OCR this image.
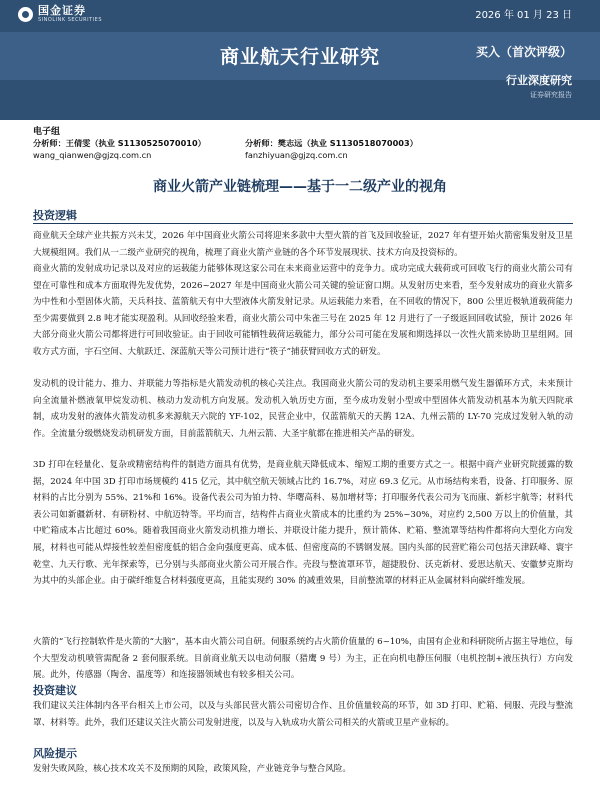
国金证券
SINOLINK SECURITIES	2026 年 01 月 23 日
商业航天行业研究	买入（首次评级）
行业深度研究
证券研究报告
电子组
分析师：王倩雯（执业 S1130525070010）
wang_qianwen@gjzq.com.cn
分析师：樊志远（执业 S1130518070003）
fanzhiyuan@gjzq.com.cn
商业火箭产业链梳理——基于一二级产业的视角
投资逻辑

商业航天全球产业共振方兴未艾，2026 年中国商业火箭公司将迎来多款中大型火箭的首飞及回收验证，2027 年有望开始火箭密集发射及卫星大规模组网。我们从一二级产业研究的视角，梳理了商业火箭产业链的各个环节发展现状、技术方向及投资标的。

商业火箭的发射成功记录以及对应的运载能力能够体现这家公司在未来商业运营中的竞争力。成功完成大载荷或可回收飞行的商业火箭公司有望在可靠性和成本方面取得先发优势，2026~2027 年是中国商业火箭公司关键的验证窗口期。从发射历史来看，至今发射成功的商业火箭多为中性和小型固体火箭，天兵科技、蓝箭航天有中大型液体火箭发射记录。从运载能力来看，在不回收的情况下，800 公里近极轨道载荷能力至少需要做到 2.8 吨才能实现盈利。从回收经验来看，商业火箭公司中朱雀三号在 2025 年 12 月进行了一子级返回回收试验，预计 2026 年大部分商业火箭公司都将进行可回收验证。由于回收可能牺牲载荷运载能力，部分公司可能在发展和期选择以一次性火箭来协助卫星组网。回收方式方面，宇石空间、大航跃迁、深蓝航天等公司预计进行“筷子”捕获臂回收方式的研发。

发动机的设计能力、推力、并联能力等指标是火箭发动机的核心关注点。我国商业火箭公司的发动机主要采用燃气发生器循环方式，未来预计向全流量补燃液氧甲烷发动机、核动力发动机方向发展。发动机入轨历史方面，至今成功发射小型或中型固体火箭发动机基本为航天四院承制，成功发射的液体火箭发动机多来源航天六院的 YF-102，民营企业中，仅蓝箭航天的天鹊 12A、九州云箭的 LY-70 完成过发射入轨的动作。全流量分级燃烧发动机研发方面，目前蓝箭航天、九州云箭、大圣宇航都在推进相关产品的研发。

3D 打印在轻量化、复杂或精密结构件的制造方面具有优势，是商业航天降低成本、缩短工期的重要方式之一。根据中商产业研究院援露的数据，2024 年中国 3D 打印市场规模约 415 亿元，其中航空航天领域占比约 16.7%，对应 69.3 亿元。从市场结构来看，设备、打印服务、原材料的占比分别为 55%、21%和 16%。设备代表公司为铂力特、华曙高科、易加增材等；打印服务代表公司为飞而康、新杉宇航等；材料代表公司如新疆新材、有研粉材、中航迈特等。平均而言，结构件占商业火箭成本的比重约为 25%~30%，对应约 2,500 万以上的价值量，其中贮箱成本占比超过 60%。随着我国商业火箭发动机推力增长、并联设计能力提升，预计箭体、贮箱、整流罩等结构件都将向大型化方向发展，材料也可能从焊接性较差但密度低的铝合金向强度更高、成本低、但密度高的不锈钢发展。国内头部的民营贮箱公司包括天津跃峰、寰宇乾堂、九天行歌、光年探索等，已分别与头部商业火箭公司开展合作。壳段与整流罩环节，超捷股份、沃克新材、爱思达航天、安徽梦克斯均为其中的头部企业。由于碳纤维复合材料强度更高，且能实现约 30% 的减重效果，目前整流罩的材料正从金属材料向碳纤维发展。

火箭的“飞行控制软件是火箭的“大脑”，基本由火箭公司自研。伺服系统约占火箭价值量的 6~10%，由国有企业和科研院所占据主导地位，每个大型发动机喷管需配备 2 套伺服系统。目前商业航天以电动伺服（猎鹰 9 号）为主，正在向机电静压伺服（电机控制+液压执行）方向发展。此外，传感器（陶舍、温度等）和连接器领域也有较多相关公司。

投资建议

我们建议关注体制内各平台相关上市公司，以及与头部民营火箭公司密切合作、且价值量较高的环节，如 3D 打印、贮箱、伺服、壳段与整流罩、材料等。此外，我们还建议关注火箭公司发射进度，以及与入轨成功火箭公司相关的火箭或卫星产业标的。

风险提示

发射失败风险，核心技术攻关不及预期的风险，政策风险，产业链竞争与整合风险。
